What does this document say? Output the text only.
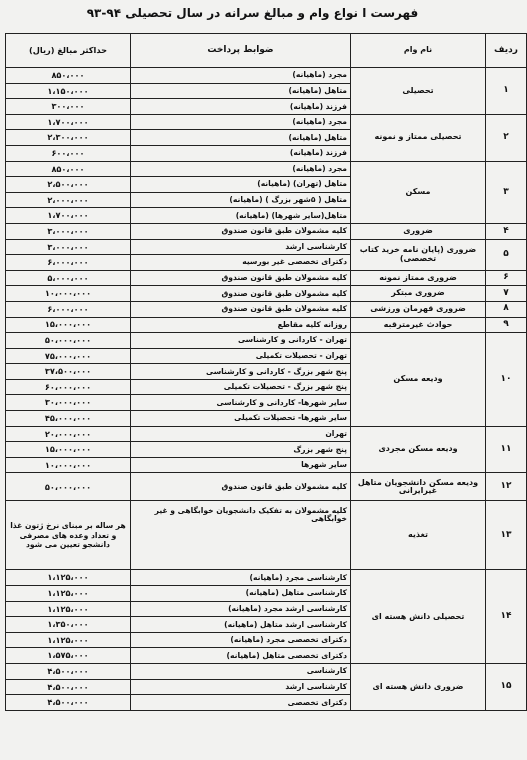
فهرست ا نواع وام و مبالغ سرانه در سال تحصیلی ۹۴-۹۳
ردیف	نام وام	ضوابط پرداخت	حداکثر مبالغ (ریال)
۱	تحصیلی	مجرد (ماهیانه)	۸۵۰،۰۰۰
		متاهل (ماهیانه)	۱،۱۵۰،۰۰۰
		فرزند (ماهیانه)	۳۰۰،۰۰۰
۲	تحصیلی ممتاز و نمونه	مجرد (ماهیانه)	۱،۷۰۰،۰۰۰
		متاهل (ماهیانه)	۲،۳۰۰،۰۰۰
		فرزند (ماهیانه)	۶۰۰،۰۰۰
۳	مسکن	مجرد (ماهیانه)	۸۵۰،۰۰۰
		متاهل (تهران) (ماهیانه)	۲،۵۰۰،۰۰۰
		متاهل ( ۵شهر بزرگ ) (ماهیانه)	۲،۰۰۰،۰۰۰
		متاهل(سایر شهرها) (ماهیانه)	۱،۷۰۰،۰۰۰
۴	ضروری	کلیه مشمولان طبق قانون صندوق	۳،۰۰۰،۰۰۰
۵	ضروری (پایان نامه خرید کتاب تخصصی)	کارشناسی ارشد	۳،۰۰۰،۰۰۰
		دکترای تخصصی غیر بورسیه	۶،۰۰۰،۰۰۰
۶	ضروری ممتاز نمونه	کلیه مشمولان طبق قانون صندوق	۵،۰۰۰،۰۰۰
۷	ضروری مبتکر	کلیه مشمولان طبق قانون صندوق	۱۰،۰۰۰،۰۰۰
۸	ضروری قهرمان ورزشی	کلیه مشمولان طبق قانون صندوق	۶،۰۰۰،۰۰۰
۹	حوادث غیرمترقبه	روزانه کلیه مقاطع	۱۵،۰۰۰،۰۰۰
۱۰	ودیعه مسکن	تهران - کاردانی و کارشناسی	۵۰،۰۰۰،۰۰۰
		تهران - تحصیلات تکمیلی	۷۵،۰۰۰،۰۰۰
		پنج شهر بزرگ - کاردانی و کارشناسی	۳۷،۵۰۰،۰۰۰
		پنج شهر بزرگ - تحصیلات تکمیلی	۶۰،۰۰۰،۰۰۰
		سایر شهرها- کاردانی و کارشناسی	۳۰،۰۰۰،۰۰۰
		سایر شهرها- تحصیلات تکمیلی	۴۵،۰۰۰،۰۰۰
۱۱	ودیعه مسکن مجردی	تهران	۲۰،۰۰۰،۰۰۰
		پنج شهر بزرگ	۱۵،۰۰۰،۰۰۰
		سایر شهرها	۱۰،۰۰۰،۰۰۰
۱۲	ودیعه مسکن دانشجویان متاهل غیرایرانی	کلیه مشمولان طبق قانون صندوق	۵۰،۰۰۰،۰۰۰
۱۳	تغذیه	کلیه مشمولان به تفکیک دانشجویان خوابگاهی و غیر خوابگاهی	هر ساله بر مبنای نرخ ژتون غذا و تعداد وعده های مصرفی دانشجو تعیین می شود
۱۴	تحصیلی دانش هسته ای	کارشناسی مجرد (ماهیانه)	۱،۱۲۵،۰۰۰
		کارشناسی متاهل (ماهیانه)	۱،۱۲۵،۰۰۰
		کارشناسی ارشد مجرد (ماهیانه)	۱،۱۲۵،۰۰۰
		کارشناسی ارشد متاهل (ماهیانه)	۱،۳۵۰،۰۰۰
		دکترای تخصصی مجرد (ماهیانه)	۱،۱۲۵،۰۰۰
		دکترای تخصصی متاهل (ماهیانه)	۱،۵۷۵،۰۰۰
۱۵	ضروری دانش هسته ای	کارشناسی	۴،۵۰۰،۰۰۰
		کارشناسی ارشد	۴،۵۰۰،۰۰۰
		دکترای تخصصی	۴،۵۰۰،۰۰۰
